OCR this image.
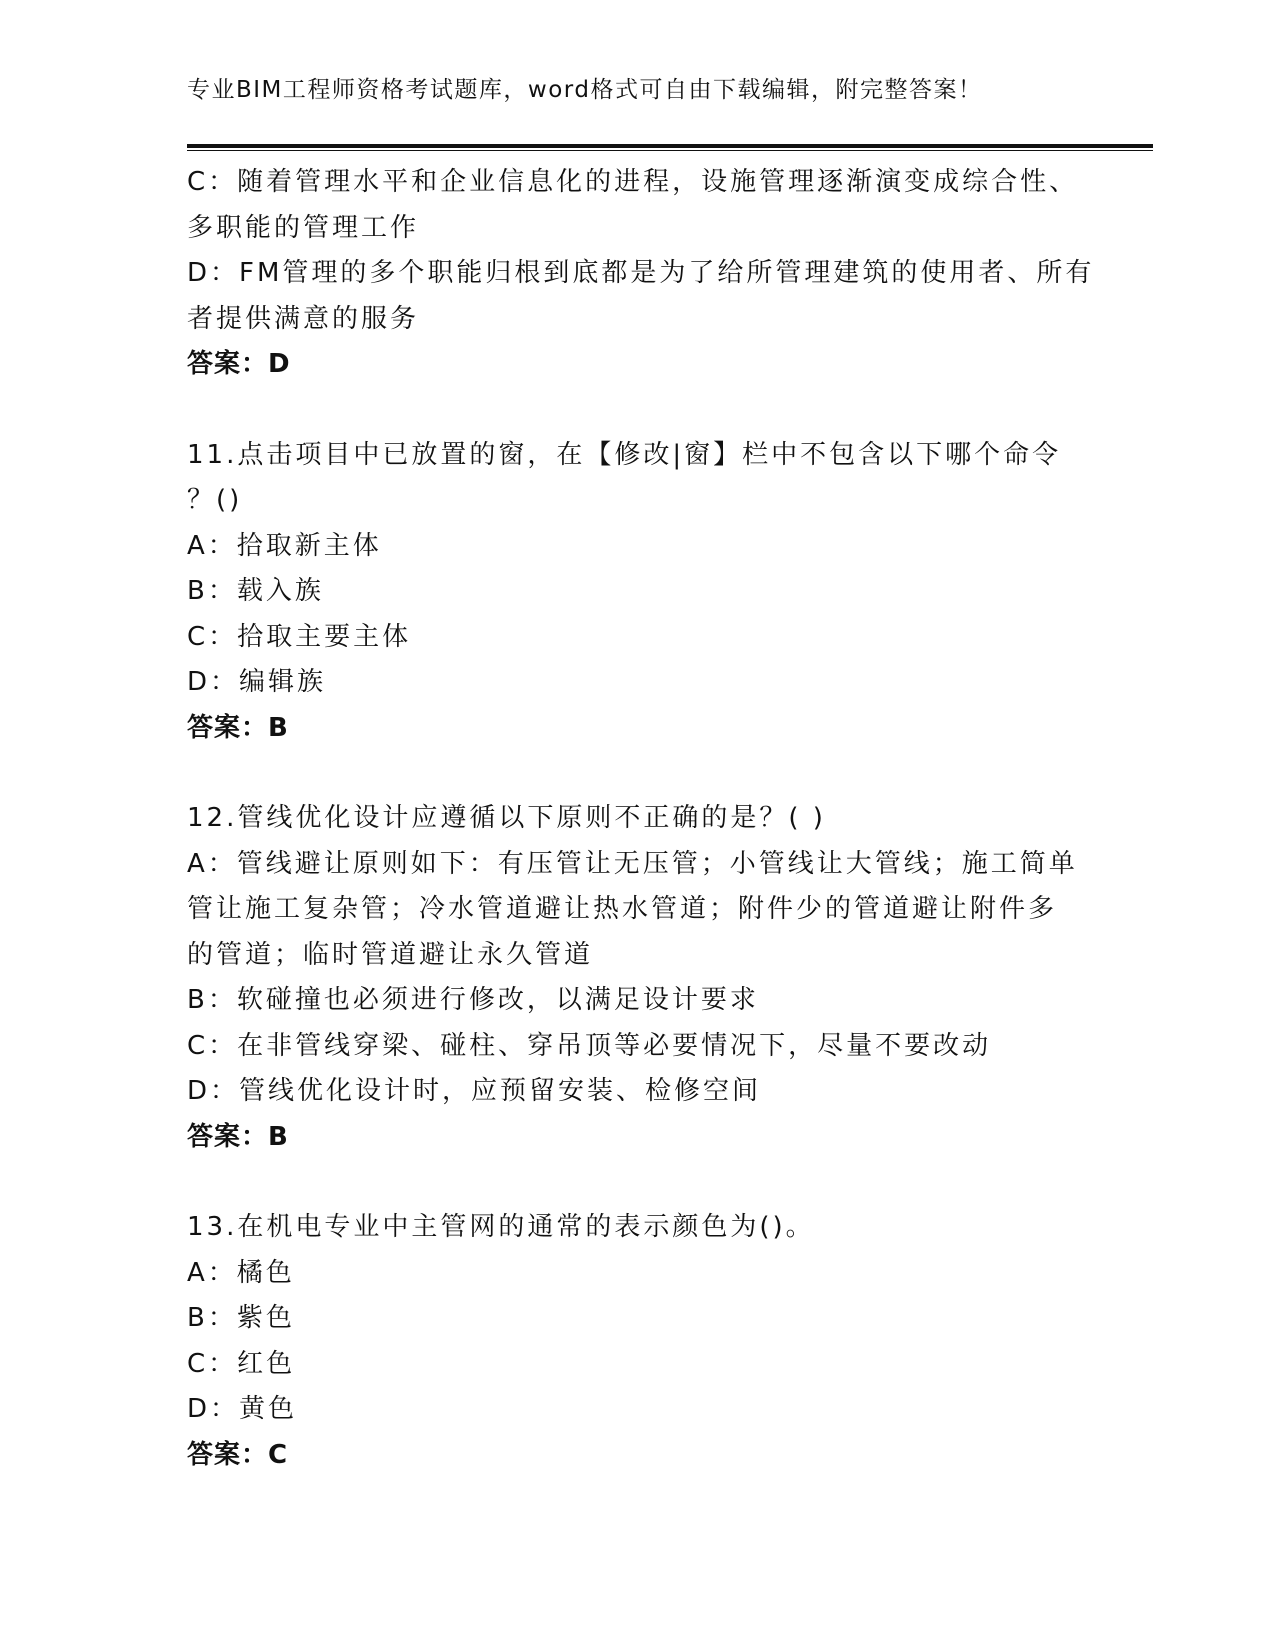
专业BIM工程师资格考试题库，word格式可自由下载编辑，附完整答案！

C：随着管理水平和企业信息化的进程，设施管理逐渐演变成综合性、

多职能的管理工作

D：FM管理的多个职能归根到底都是为了给所管理建筑的使用者、所有

者提供满意的服务

答案：D

11.点击项目中已放置的窗，在【修改|窗】栏中不包含以下哪个命令

？()

A：拾取新主体

B：载入族

C：拾取主要主体

D：编辑族

答案：B

12.管线优化设计应遵循以下原则不正确的是？( )

A：管线避让原则如下：有压管让无压管；小管线让大管线；施工简单

管让施工复杂管；冷水管道避让热水管道；附件少的管道避让附件多

的管道；临时管道避让永久管道

B：软碰撞也必须进行修改，以满足设计要求

C：在非管线穿梁、碰柱、穿吊顶等必要情况下，尽量不要改动

D：管线优化设计时，应预留安装、检修空间

答案：B

13.在机电专业中主管网的通常的表示颜色为()。

A：橘色

B：紫色

C：红色

D：黄色

答案：C
